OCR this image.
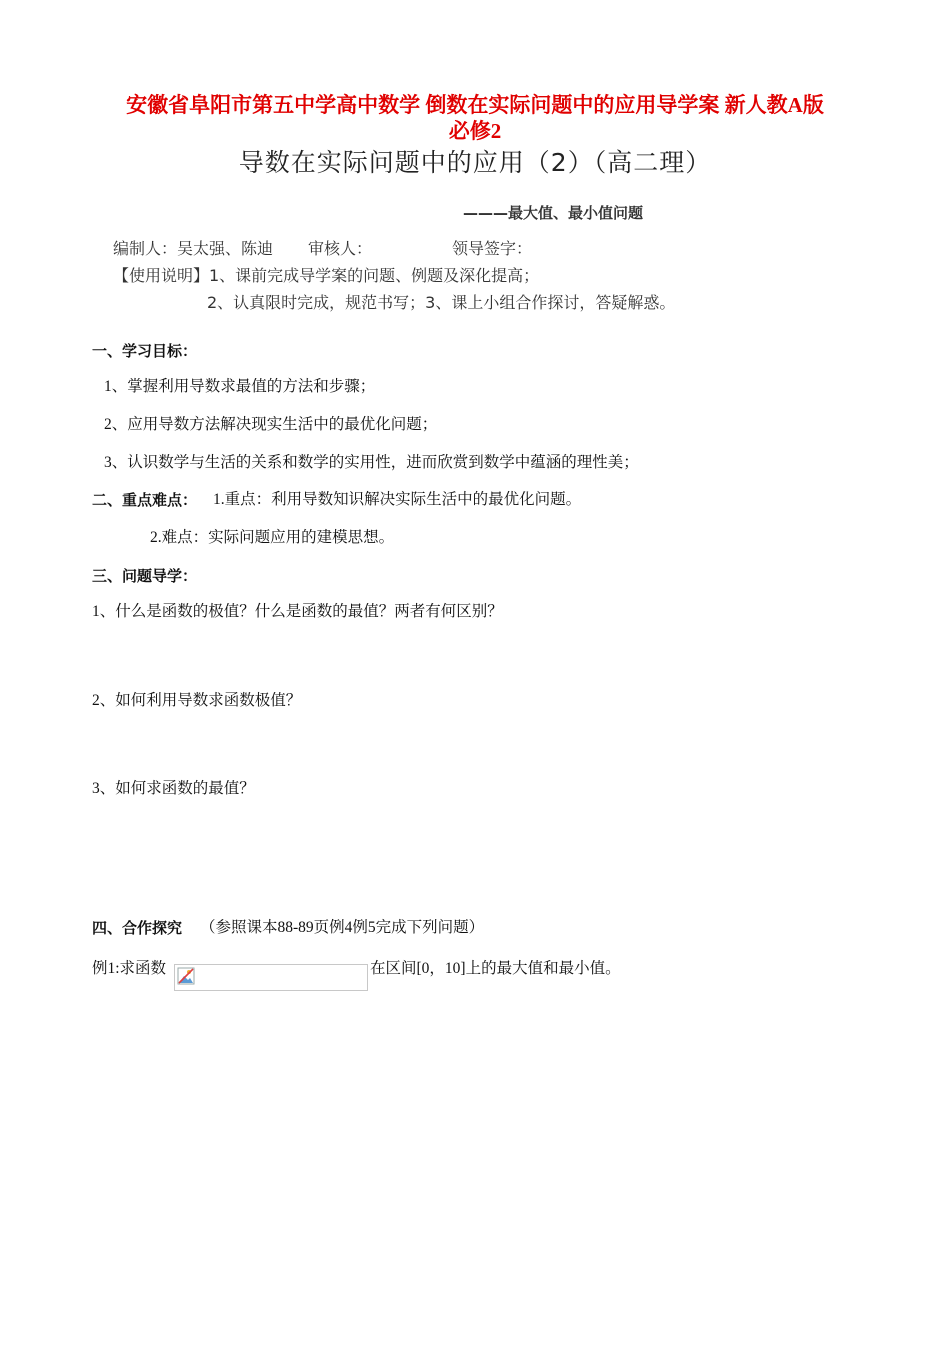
安徽省阜阳市第五中学高中数学 倒数在实际问题中的应用导学案 新人教A版
必修2
导数在实际问题中的应用（2）（高二理）
———最大值、最小值问题
编制人：吴太强、陈迪 审核人：	领导签字：
【使用说明】1、课前完成导学案的问题、例题及深化提高；
2、认真限时完成，规范书写；3、课上小组合作探讨，答疑解惑。
一、学习目标：
1、掌握利用导数求最值的方法和步骤；
2、应用导数方法解决现实生活中的最优化问题；
3、认识数学与生活的关系和数学的实用性，进而欣赏到数学中蕴涵的理性美；
二、重点难点： 1.重点：利用导数知识解决实际生活中的最优化问题。
2.难点：实际问题应用的建模思想。
三、问题导学：
1、什么是函数的极值？什么是函数的最值？两者有何区别？
2、如何利用导数求函数极值？
3、如何求函数的最值？
四、合作探究 （参照课本88-89页例4例5完成下列问题）
例1:求函数	在区间[0，10]上的最大值和最小值。
